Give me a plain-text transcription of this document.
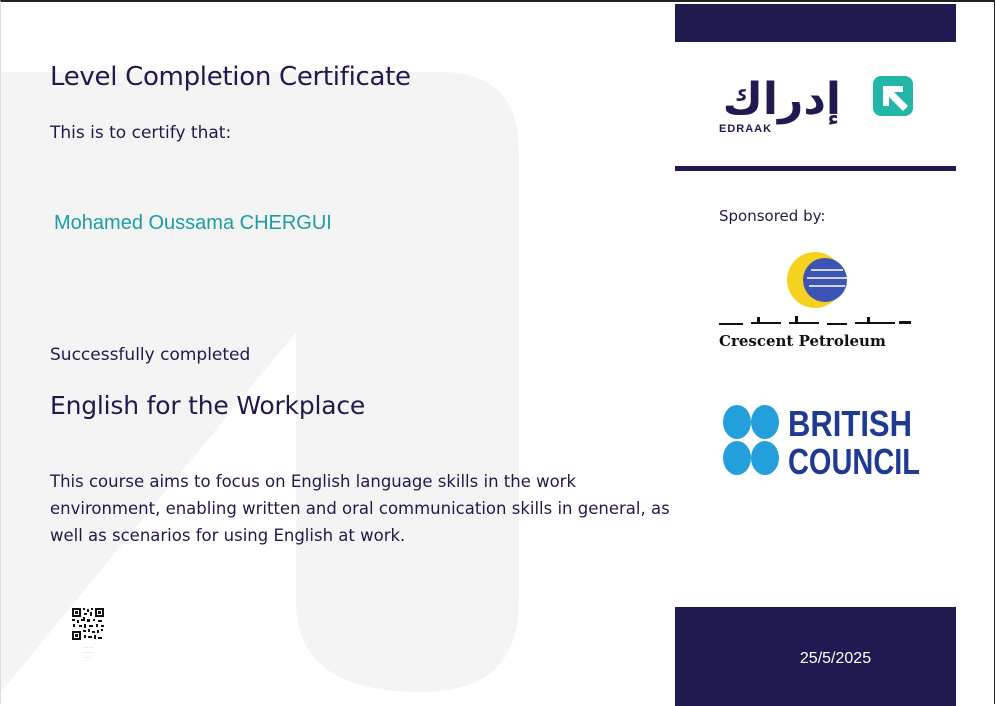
Level Completion Certificate
This is to certify that:
Mohamed Oussama CHERGUI
Successfully completed
English for the Workplace
This course aims to focus on English language skills in the work environment, enabling written and oral communication skills in general, as well as scenarios for using English at work.
· · · · ·
· · · ·
· · ·
إدراك
EDRAAK
Sponsored by:
Crescent Petroleum
BRITISH
COUNCIL
25/5/2025
